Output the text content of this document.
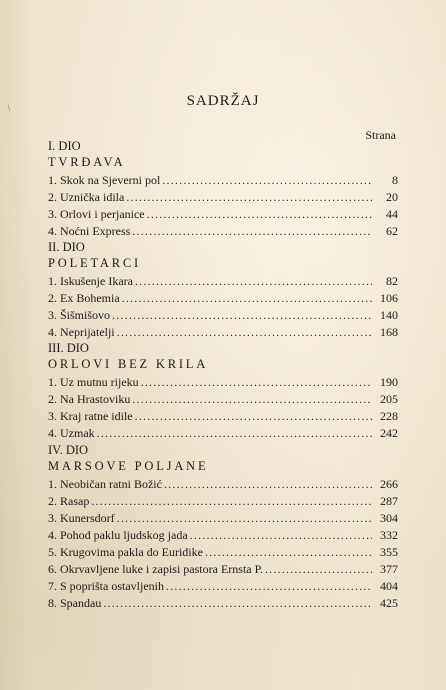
SADRŽAJ
Strana
I. DIO
TVRĐAVA
1. Skok na Sjeverni pol .....	8
2. Uznička idila .....	20
3. Orlovi i perjanice .....	44
4. Noćni Express .....	62
II. DIO
POLETARCI
1. Iskušenje Ikara .....	82
2. Ex Bohemia .....	106
3. Šišmišovo .....	140
4. Neprijatelji .....	168
III. DIO
ORLOVI BEZ KRILA
1. Uz mutnu rijeku .....	190
2. Na Hrastoviku .....	205
3. Kraj ratne idile .....	228
4. Uzmak .....	242
IV. DIO
MARSOVE POLJANE
1. Neobičan ratni Božić .....	266
2. Rasap .....	287
3. Kunersdorf .....	304
4. Pohod paklu ljudskog jada .....	332
5. Krugovima pakla do Euridike .....	355
6. Okrvavljene luke i zapisi pastora Ernsta P. .....	377
7. S poprišta ostavljenih .....	404
8. Spandau .....	425
/
